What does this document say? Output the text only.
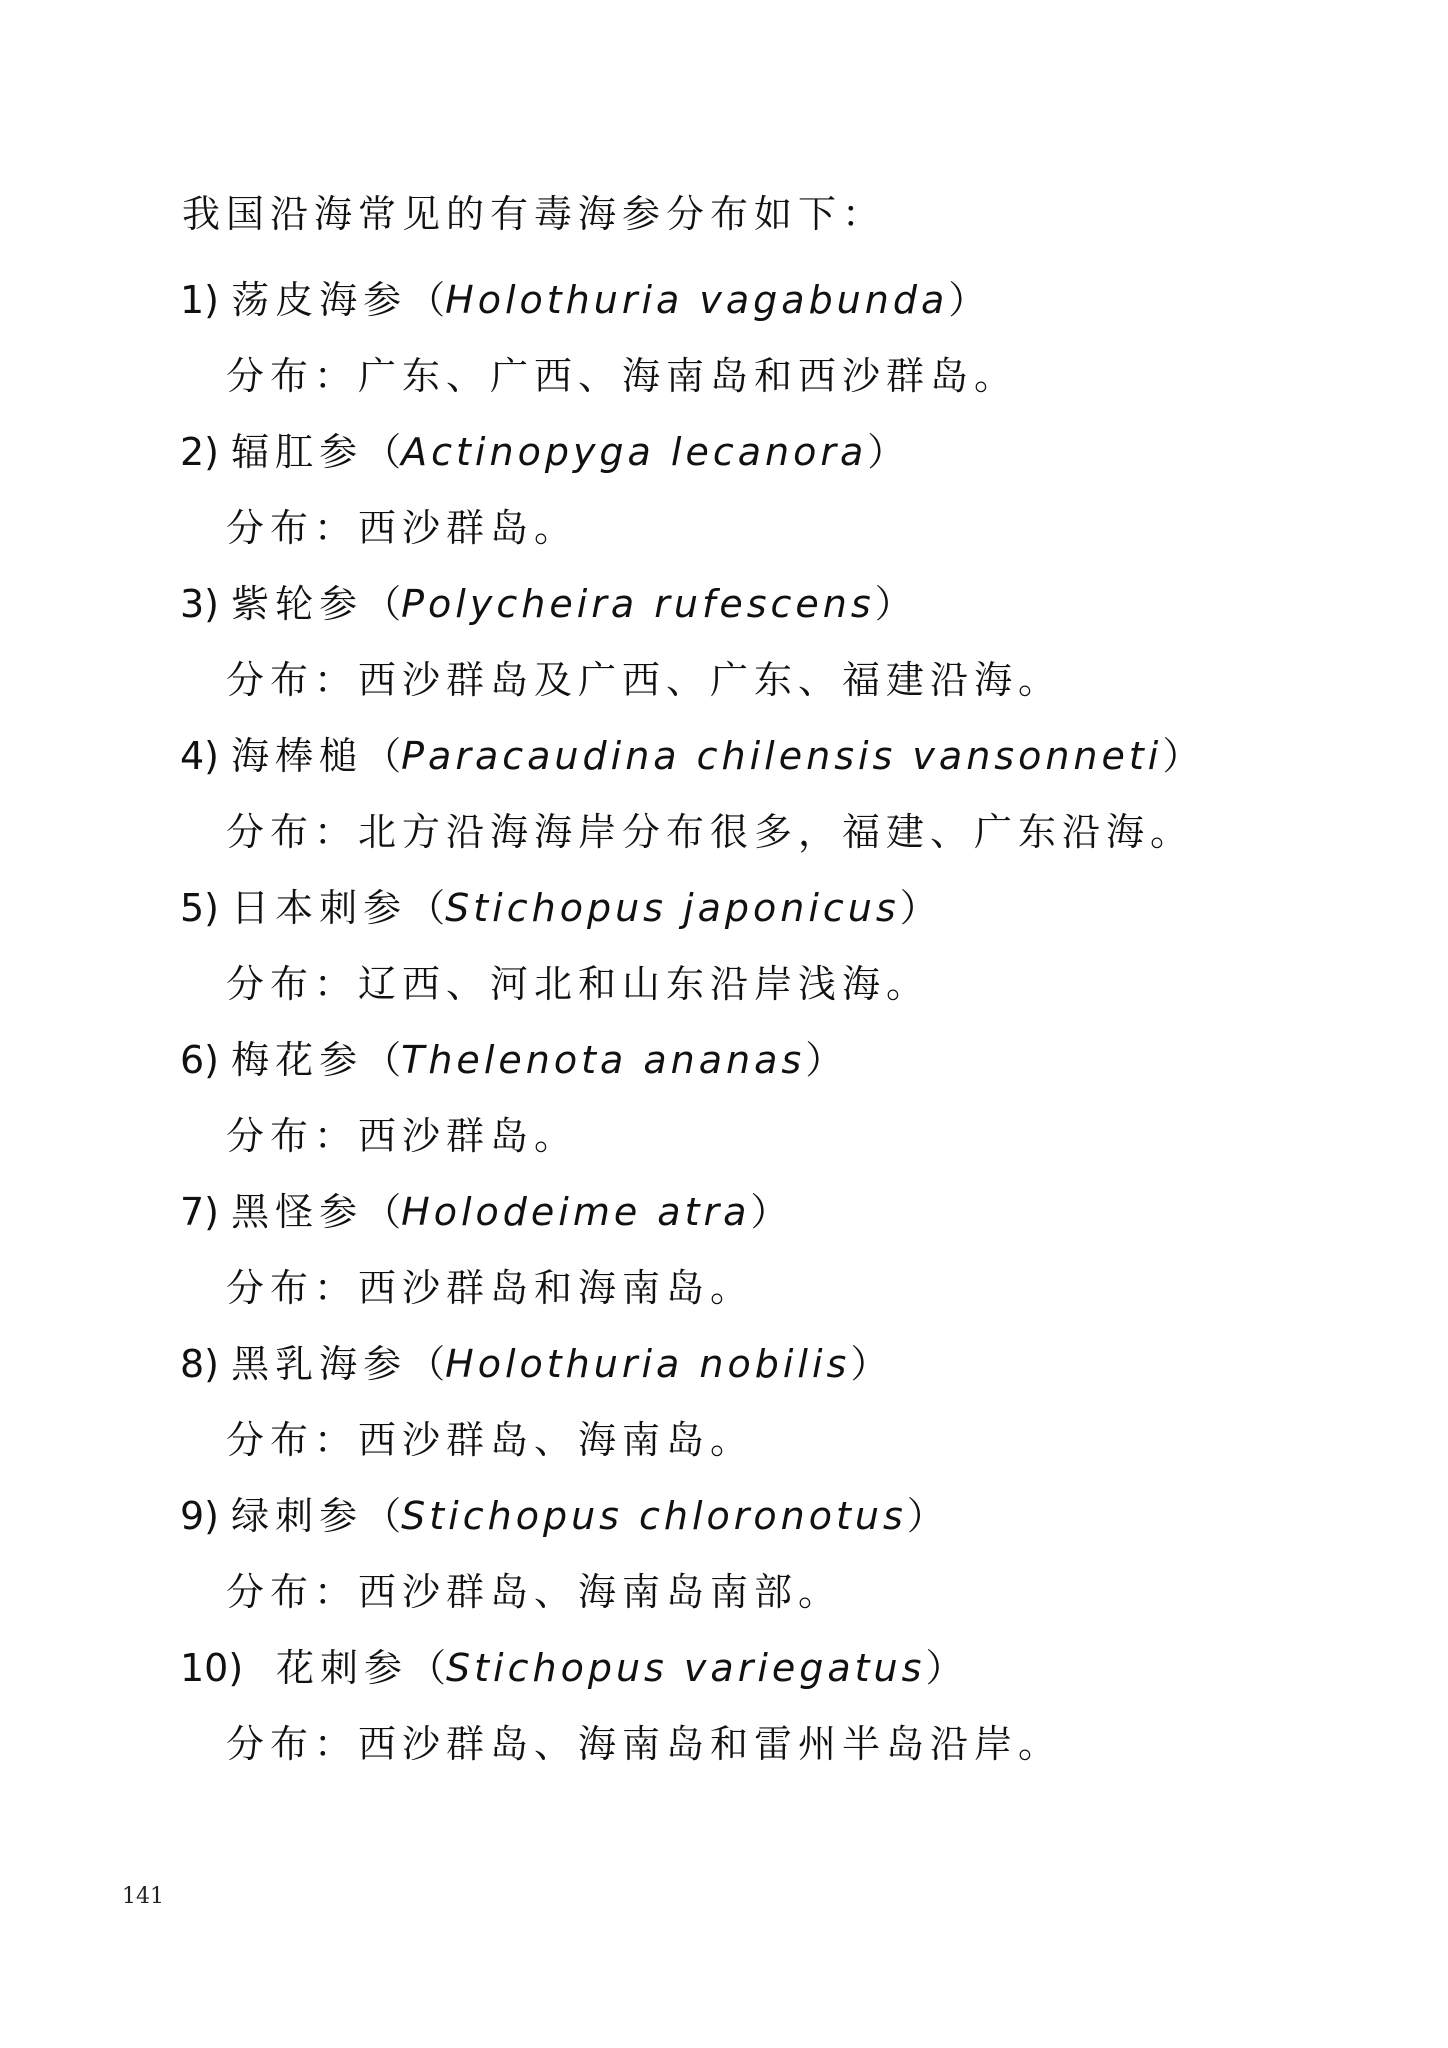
我国沿海常见的有毒海参分布如下：
1) 荡皮海参（Holothuria vagabunda）
分布：广东、广西、海南岛和西沙群岛。
2) 辐肛参（Actinopyga lecanora）
分布：西沙群岛。
3) 紫轮参（Polycheira rufescens）
分布：西沙群岛及广西、广东、福建沿海。
4) 海棒槌（Paracaudina chilensis vansonneti）
分布：北方沿海海岸分布很多，福建、广东沿海。
5) 日本刺参（Stichopus japonicus）
分布：辽西、河北和山东沿岸浅海。
6) 梅花参（Thelenota ananas）
分布：西沙群岛。
7) 黑怪参（Holodeime atra）
分布：西沙群岛和海南岛。
8) 黑乳海参（Holothuria nobilis）
分布：西沙群岛、海南岛。
9) 绿刺参（Stichopus chloronotus）
分布：西沙群岛、海南岛南部。
10) 花刺参（Stichopus variegatus）
分布：西沙群岛、海南岛和雷州半岛沿岸。
141
